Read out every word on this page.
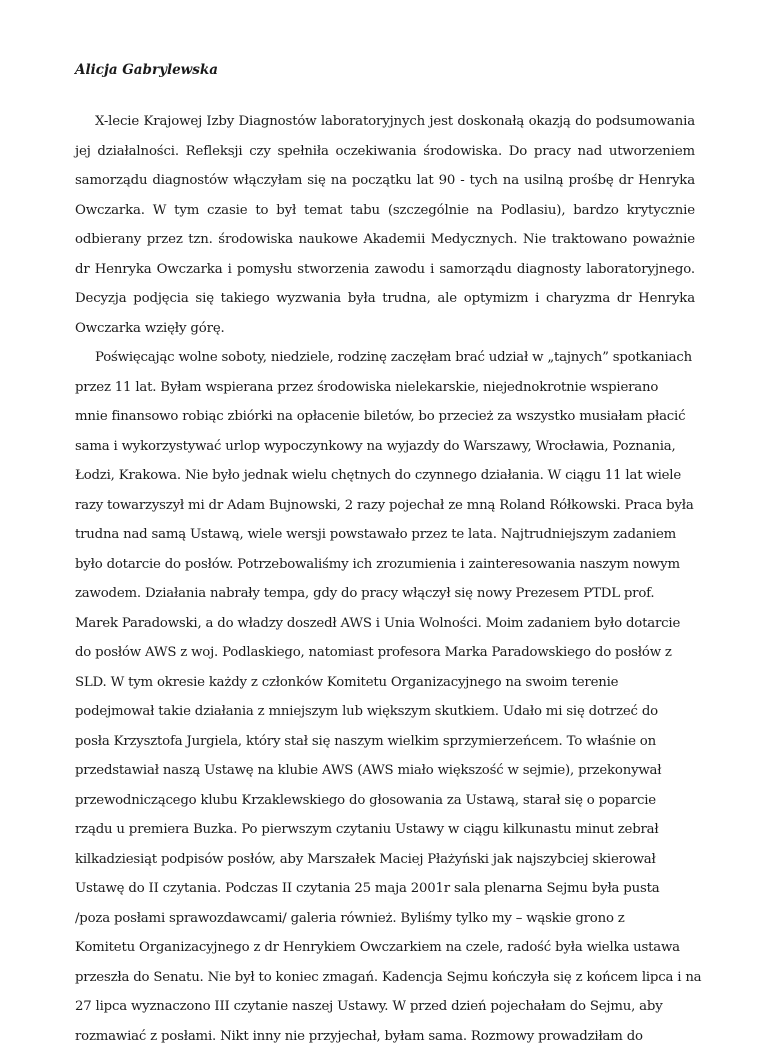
Alicja Gabrylewska
X-lecie Krajowej Izby Diagnostów laboratoryjnych jest doskonałą okazją do podsumowania
jej działalności. Refleksji czy spełniła oczekiwania środowiska. Do pracy nad utworzeniem
samorządu diagnostów włączyłam się na początku lat 90 - tych na usilną prośbę dr Henryka
Owczarka. W tym czasie to był temat tabu (szczególnie na Podlasiu), bardzo krytycznie
odbierany przez tzn. środowiska naukowe Akademii Medycznych. Nie traktowano poważnie
dr Henryka Owczarka i pomysłu stworzenia zawodu i samorządu diagnosty laboratoryjnego.
Decyzja podjęcia się takiego wyzwania była trudna, ale optymizm i charyzma dr Henryka
Owczarka wzięły górę.
Poświęcając wolne soboty, niedziele, rodzinę zaczęłam brać udział w „tajnych” spotkaniach
przez 11 lat. Byłam wspierana przez środowiska nielekarskie, niejednokrotnie wspierano
mnie finansowo robiąc zbiórki na opłacenie biletów, bo przecież za wszystko musiałam płacić
sama i wykorzystywać urlop wypoczynkowy na wyjazdy do Warszawy, Wrocławia, Poznania,
Łodzi, Krakowa. Nie było jednak wielu chętnych do czynnego działania. W ciągu 11 lat wiele
razy towarzyszył mi dr Adam Bujnowski, 2 razy pojechał ze mną Roland Rółkowski. Praca była
trudna nad samą Ustawą, wiele wersji powstawało przez te lata. Najtrudniejszym zadaniem
było dotarcie do posłów. Potrzebowaliśmy ich zrozumienia i zainteresowania naszym nowym
zawodem. Działania nabrały tempa, gdy do pracy włączył się nowy Prezesem PTDL prof.
Marek Paradowski, a do władzy doszedł AWS i Unia Wolności. Moim zadaniem było dotarcie
do posłów AWS z woj. Podlaskiego, natomiast profesora Marka Paradowskiego do posłów z
SLD. W tym okresie każdy z członków Komitetu Organizacyjnego na swoim terenie
podejmował takie działania z mniejszym lub większym skutkiem. Udało mi się dotrzeć do
posła Krzysztofa Jurgiela, który stał się naszym wielkim sprzymierzeńcem. To właśnie on
przedstawiał naszą Ustawę na klubie AWS (AWS miało większość w sejmie), przekonywał
przewodniczącego klubu Krzaklewskiego do głosowania za Ustawą, starał się o poparcie
rządu u premiera Buzka. Po pierwszym czytaniu Ustawy w ciągu kilkunastu minut zebrał
kilkadziesiąt podpisów posłów, aby Marszałek Maciej Płażyński jak najszybciej skierował
Ustawę do II czytania. Podczas II czytania 25 maja 2001r sala plenarna Sejmu była pusta
/poza posłami sprawozdawcami/ galeria również. Byliśmy tylko my – wąskie grono z
Komitetu Organizacyjnego z dr Henrykiem Owczarkiem na czele, radość była wielka ustawa
przeszła do Senatu. Nie był to koniec zmagań. Kadencja Sejmu kończyła się z końcem lipca i na
27 lipca wyznaczono III czytanie naszej Ustawy. W przed dzień pojechałam do Sejmu, aby
rozmawiać z posłami. Nikt inny nie przyjechał, byłam sama. Rozmowy prowadziłam do
